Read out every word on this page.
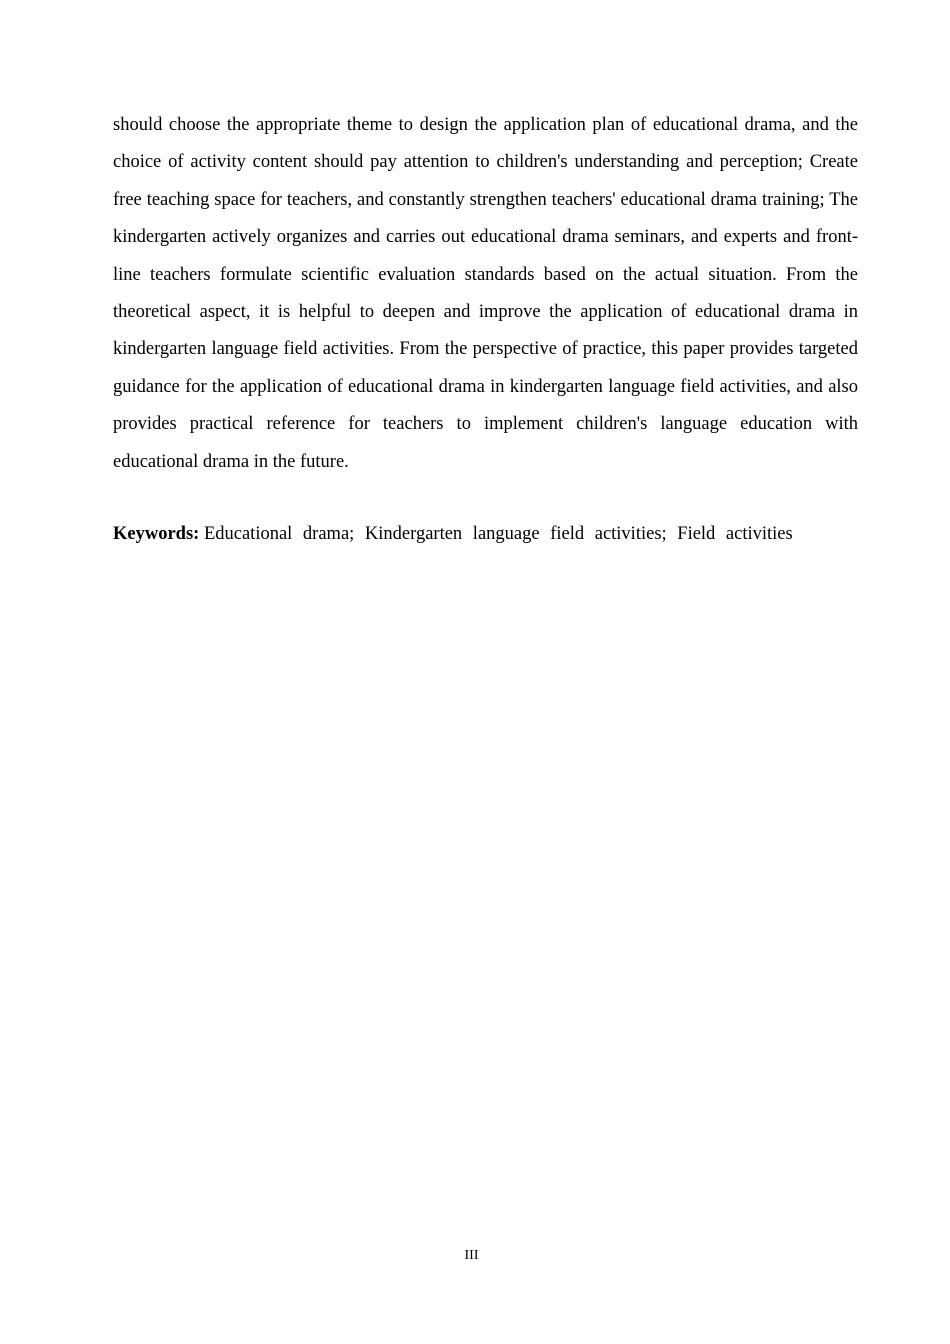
should choose the appropriate theme to design the application plan of educational drama, and the choice of activity content should pay attention to children's understanding and perception; Create free teaching space for teachers, and constantly strengthen teachers' educational drama training; The kindergarten actively organizes and carries out educational drama seminars, and experts and front-line teachers formulate scientific evaluation standards based on the actual situation. From the theoretical aspect, it is helpful to deepen and improve the application of educational drama in kindergarten language field activities. From the perspective of practice, this paper provides targeted guidance for the application of educational drama in kindergarten language field activities, and also provides practical reference for teachers to implement children's language education with educational drama in the future.

Keywords: Educational drama; Kindergarten language field activities; Field activities

III
